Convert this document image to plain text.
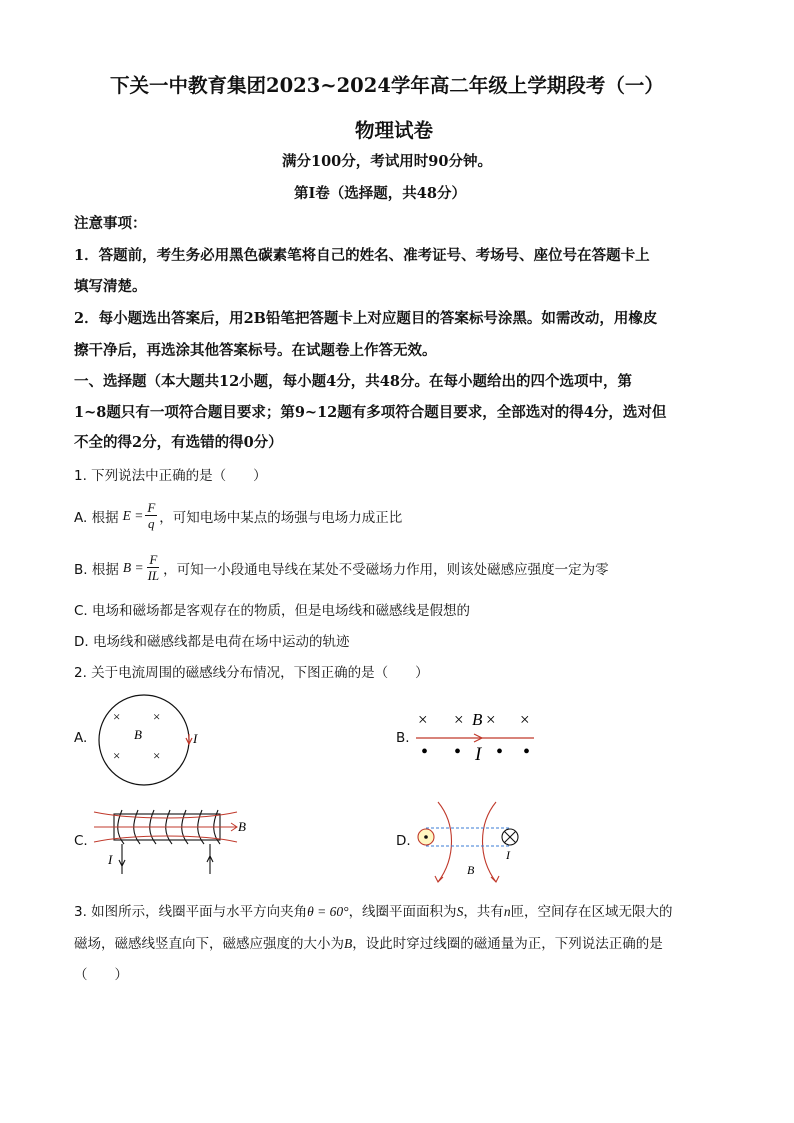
下关一中教育集团2023~2024学年高二年级上学期段考（一）
物理试卷
满分100分，考试用时90分钟。
第Ⅰ卷（选择题，共48分）
注意事项：
1．答题前，考生务必用黑色碳素笔将自己的姓名、准考证号、考场号、座位号在答题卡上
填写清楚。
2．每小题选出答案后，用2B铅笔把答题卡上对应题目的答案标号涂黑。如需改动，用橡皮
擦干净后，再选涂其他答案标号。在试题卷上作答无效。
一、选择题（本大题共12小题，每小题4分，共48分。在每小题给出的四个选项中，第
1~8题只有一项符合题目要求；第9~12题有多项符合题目要求，全部选对的得4分，选对但
不全的得2分，有选错的得0分）
1. 下列说法中正确的是（　　）
A. 根据 $E = \frac{F}{q}$ ，可知电场中某点的场强与电场力成正比
B. 根据 $B = \frac{F}{IL}$ ，可知一小段通电导线在某处不受磁场力作用，则该处磁感应强度一定为零
C. 电场和磁场都是客观存在的物质，但是电场线和磁感线是假想的
D. 电场线和磁感线都是电荷在场中运动的轨迹
2. 关于电流周围的磁感线分布情况，下图正确的是（　　）
A.
×	×
×	×
B	I	B.
× × B × ×
• • I • •
C.
B
I
D.
I
B
3. 如图所示，线圈平面与水平方向夹角θ = 60°，线圈平面面积为S，共有n匝，空间存在区域无限大的
磁场，磁感线竖直向下，磁感应强度的大小为B，设此时穿过线圈的磁通量为正，下列说法正确的是
（　　）
